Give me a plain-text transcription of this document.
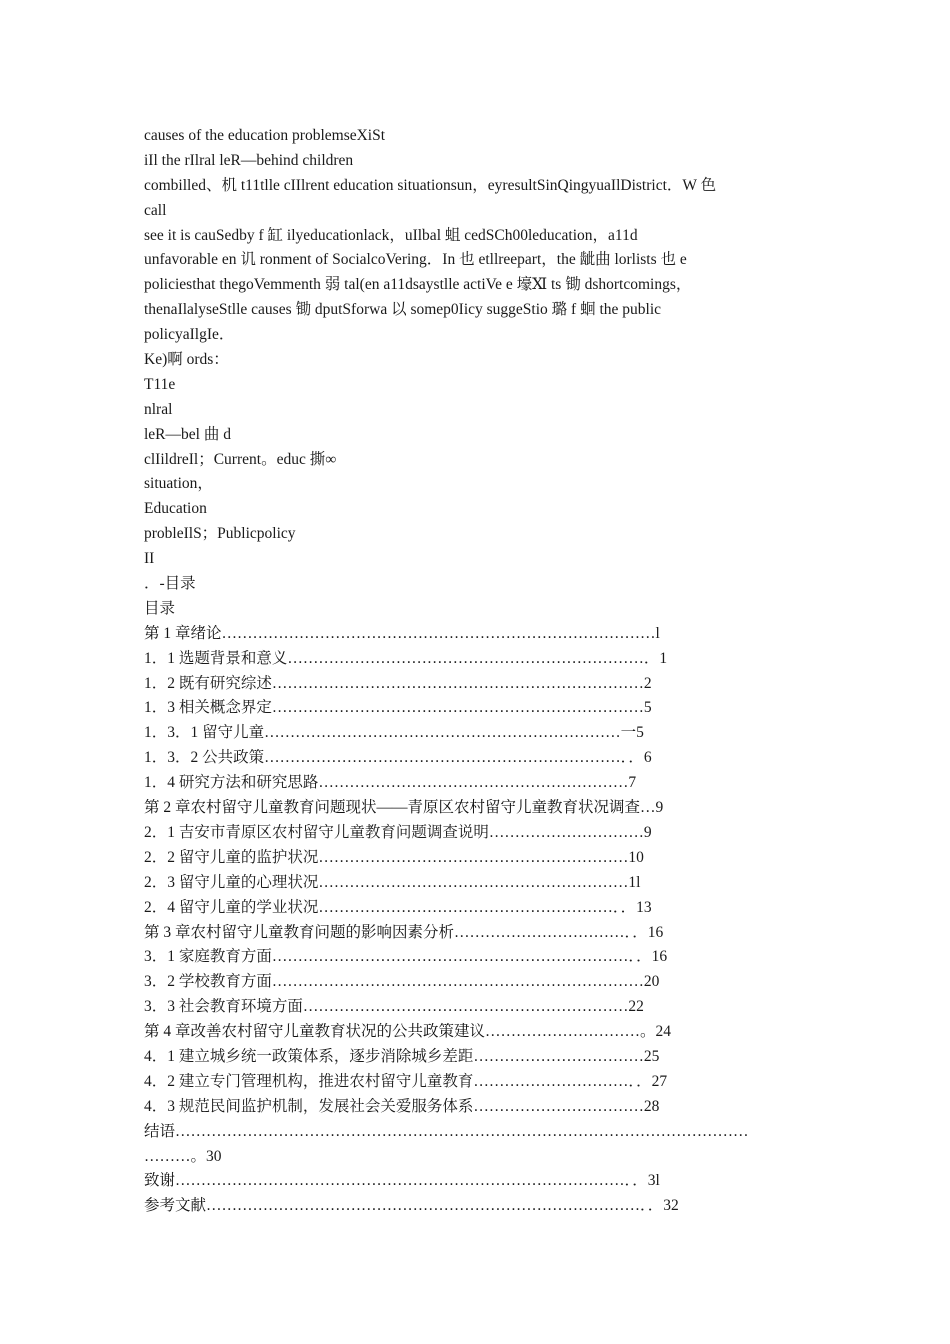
causes of the education problemseXiSt
iIl the rIlral leR—behind children
combilled、机 t11tlle cIIlrent education situationsun，eyresultSinQingyuaIlDistrict．W 色
call
see it is cauSedby f 缸 ilyeducationlack，uIlbal 蛆 cedSCh00leducation，a11d
unfavorable en 讥 ronment of SocialcoVering．In 也 etllreepart，the 龇曲 lorlists 也 e
policiesthat thegoVemmenth 弱 tal(en a11dsaystlle actiVe e 壕Ⅺ ts 锄 dshortcomings，
thenaIlalyseStlle causes 锄 dputSforwa 以 somep0Iicy suggeStio 璐 f 蛔 the public
policyaIlgIe．
Ke)啊 ords：
T11e
nlral
leR—bel 曲 d
clIildreIl；Current。educ 撕∞
situation，
Education
probleIlS；Publicpolicy
II
．-目录
目录
第 1 章绪论…………………………………………………………………………l
1．1 选题背景和意义……………………………………………………………．1
1．2 既有研究综述………………………………………………………………2
1．3 相关概念界定………………………………………………………………5
1．3．1 留守儿童……………………………………………………………一5
1．3．2 公共政策……………………………………………………………．．6
1．4 研究方法和研究思路……………………………………………………7
第 2 章农村留守儿童教育问题现状——青原区农村留守儿童教育状况调查…9
2．1 吉安市青原区农村留守儿童教育问题调查说明…………………………9
2．2 留守儿童的监护状况……………………………………………………10
2．3 留守儿童的心理状况……………………………………………………1l
2．4 留守儿童的学业状况…………………………………………………．．13
第 3 章农村留守儿童教育问题的影响因素分析……………………………．．16
3．1 家庭教育方面……………………………………………………………．．16
3．2 学校教育方面………………………………………………………………20
3．3 社会教育环境方面………………………………………………………22
第 4 章改善农村留守儿童教育状况的公共政策建议…………………………。24
4．1 建立城乡统一政策体系，逐步消除城乡差距……………………………25
4．2 建立专门管理机构，推进农村留守儿童教育…………………………．．27
4．3 规范民间监护机制，发展社会关爱服务体系……………………………28
结语…………………………………………………………………………………………………
………。30
致谢……………………………………………………………………………．．3l
参考文献…………………………………………………………………………．．32
